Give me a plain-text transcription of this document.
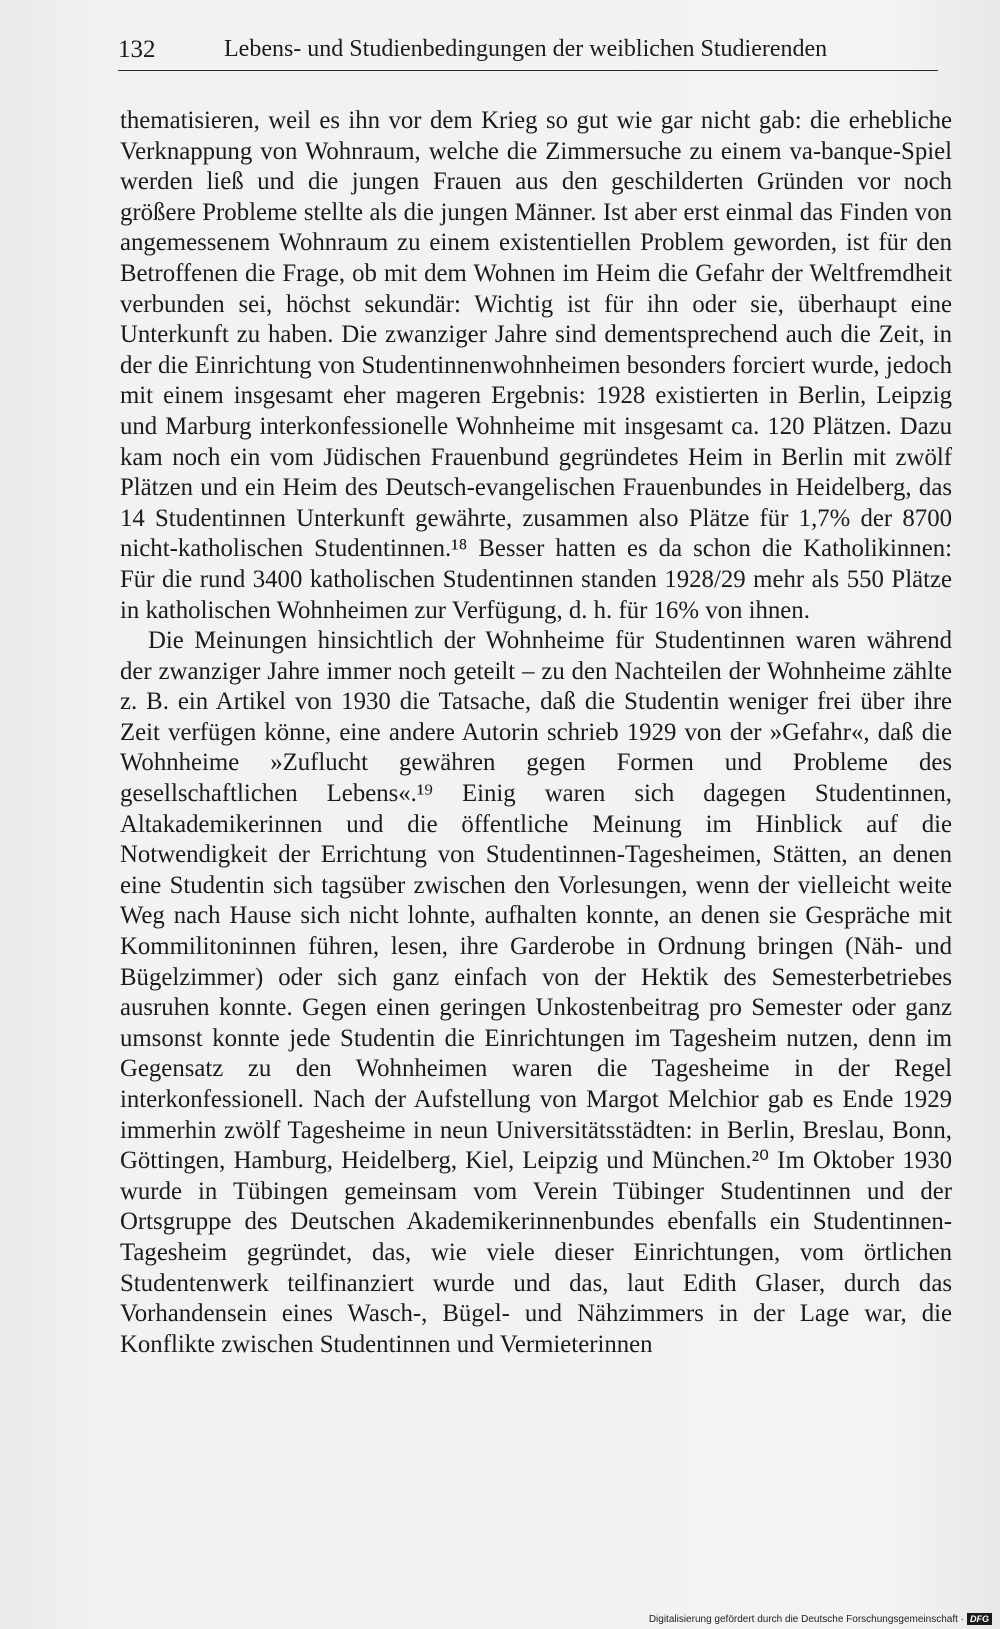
132	Lebens- und Studienbedingungen der weiblichen Studierenden

thematisieren, weil es ihn vor dem Krieg so gut wie gar nicht gab: die erhebliche Verknappung von Wohnraum, welche die Zimmersuche zu einem va-banque-Spiel werden ließ und die jungen Frauen aus den geschilderten Gründen vor noch größere Probleme stellte als die jungen Männer. Ist aber erst einmal das Finden von angemessenem Wohnraum zu einem existentiellen Problem geworden, ist für den Betroffenen die Frage, ob mit dem Wohnen im Heim die Gefahr der Weltfremdheit verbunden sei, höchst sekundär: Wichtig ist für ihn oder sie, überhaupt eine Unterkunft zu haben. Die zwanziger Jahre sind dementsprechend auch die Zeit, in der die Einrichtung von Studentinnenwohnheimen besonders forciert wurde, jedoch mit einem insgesamt eher mageren Ergebnis: 1928 existierten in Berlin, Leipzig und Marburg interkonfessionelle Wohnheime mit insgesamt ca. 120 Plätzen. Dazu kam noch ein vom Jüdischen Frauenbund gegründetes Heim in Berlin mit zwölf Plätzen und ein Heim des Deutsch-evangelischen Frauenbundes in Heidelberg, das 14 Studentinnen Unterkunft gewährte, zusammen also Plätze für 1,7% der 8700 nicht-katholischen Studentinnen.¹⁸ Besser hatten es da schon die Katholikinnen: Für die rund 3400 katholischen Studentinnen standen 1928/29 mehr als 550 Plätze in katholischen Wohnheimen zur Verfügung, d. h. für 16% von ihnen.

Die Meinungen hinsichtlich der Wohnheime für Studentinnen waren während der zwanziger Jahre immer noch geteilt – zu den Nachteilen der Wohnheime zählte z. B. ein Artikel von 1930 die Tatsache, daß die Studentin weniger frei über ihre Zeit verfügen könne, eine andere Autorin schrieb 1929 von der »Gefahr«, daß die Wohnheime »Zuflucht gewähren gegen Formen und Probleme des gesellschaftlichen Lebens«.¹⁹ Einig waren sich dagegen Studentinnen, Altakademikerinnen und die öffentliche Meinung im Hinblick auf die Notwendigkeit der Errichtung von Studentinnen-Tagesheimen, Stätten, an denen eine Studentin sich tagsüber zwischen den Vorlesungen, wenn der vielleicht weite Weg nach Hause sich nicht lohnte, aufhalten konnte, an denen sie Gespräche mit Kommilitoninnen führen, lesen, ihre Garderobe in Ordnung bringen (Näh- und Bügelzimmer) oder sich ganz einfach von der Hektik des Semesterbetriebes ausruhen konnte. Gegen einen geringen Unkostenbeitrag pro Semester oder ganz umsonst konnte jede Studentin die Einrichtungen im Tagesheim nutzen, denn im Gegensatz zu den Wohnheimen waren die Tagesheime in der Regel interkonfessionell. Nach der Aufstellung von Margot Melchior gab es Ende 1929 immerhin zwölf Tagesheime in neun Universitätsstädten: in Berlin, Breslau, Bonn, Göttingen, Hamburg, Heidelberg, Kiel, Leipzig und München.²⁰ Im Oktober 1930 wurde in Tübingen gemeinsam vom Verein Tübinger Studentinnen und der Ortsgruppe des Deutschen Akademikerinnenbundes ebenfalls ein Studentinnen-Tagesheim gegründet, das, wie viele dieser Einrichtungen, vom örtlichen Studentenwerk teilfinanziert wurde und das, laut Edith Glaser, durch das Vorhandensein eines Wasch-, Bügel- und Nähzimmers in der Lage war, die Konflikte zwischen Studentinnen und Vermieterinnen

Digitalisierung gefördert durch die Deutsche Forschungsgemeinschaft · DFG
